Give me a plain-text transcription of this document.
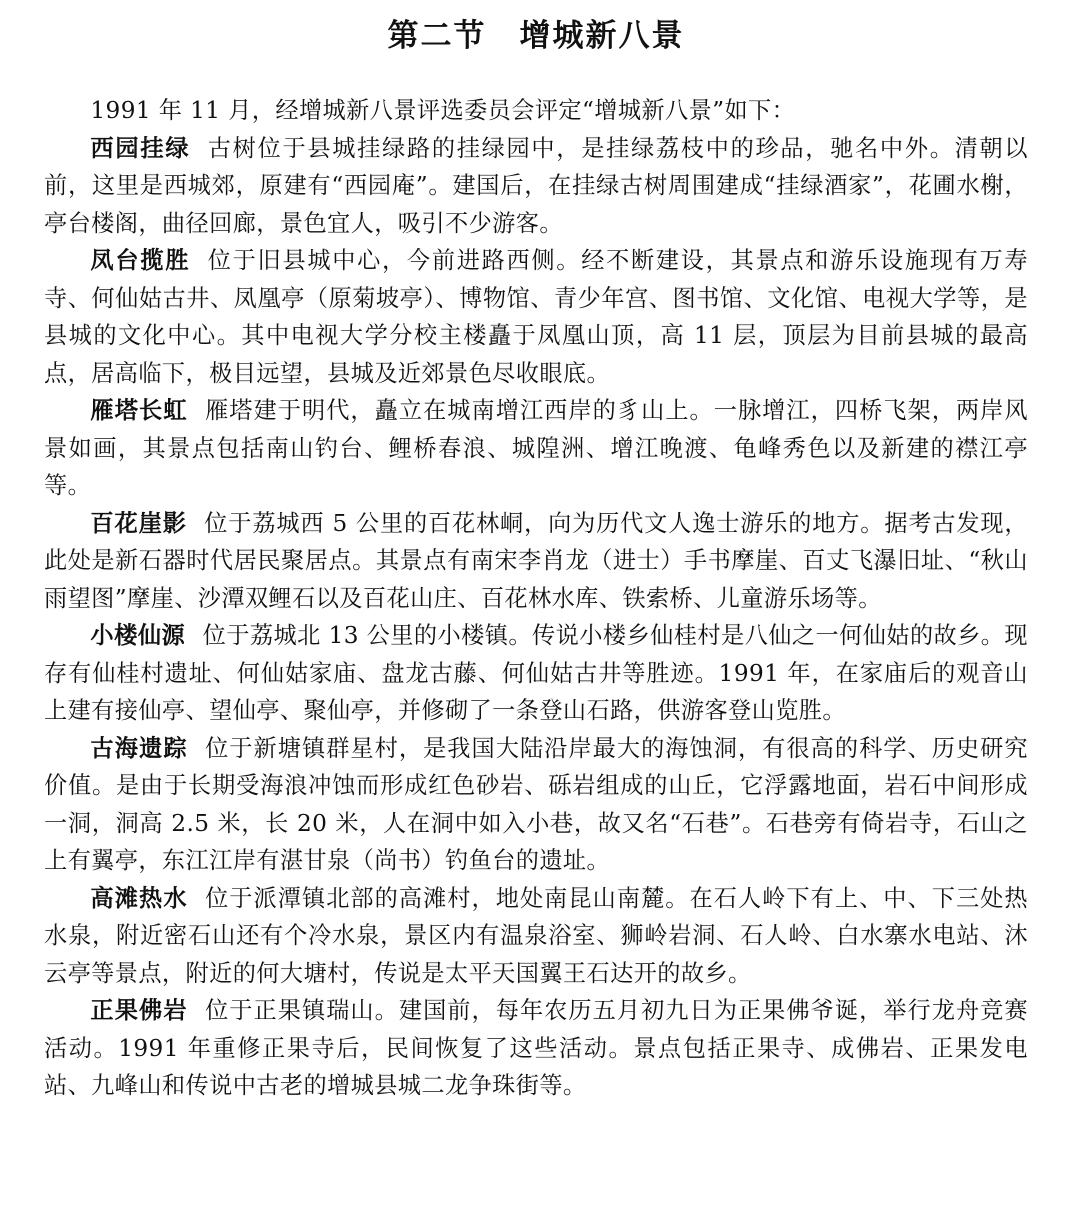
第二节　增城新八景

1991 年 11 月，经增城新八景评选委员会评定“增城新八景”如下：

西园挂绿 古树位于县城挂绿路的挂绿园中，是挂绿荔枝中的珍品，驰名中外。清朝以前，这里是西城郊，原建有“西园庵”。建国后，在挂绿古树周围建成“挂绿酒家”，花圃水榭，亭台楼阁，曲径回廊，景色宜人，吸引不少游客。

凤台揽胜 位于旧县城中心，今前进路西侧。经不断建设，其景点和游乐设施现有万寿寺、何仙姑古井、凤凰亭（原菊坡亭）、博物馆、青少年宫、图书馆、文化馆、电视大学等，是县城的文化中心。其中电视大学分校主楼矗于凤凰山顶，高 11 层，顶层为目前县城的最高点，居高临下，极目远望，县城及近郊景色尽收眼底。

雁塔长虹 雁塔建于明代，矗立在城南增江西岸的豸山上。一脉增江，四桥飞架，两岸风景如画，其景点包括南山钓台、鲤桥春浪、城隍洲、增江晚渡、龟峰秀色以及新建的襟江亭等。

百花崖影 位于荔城西 5 公里的百花林峒，向为历代文人逸士游乐的地方。据考古发现，此处是新石器时代居民聚居点。其景点有南宋李肖龙（进士）手书摩崖、百丈飞瀑旧址、“秋山雨望图”摩崖、沙潭双鲤石以及百花山庄、百花林水库、铁索桥、儿童游乐场等。

小楼仙源 位于荔城北 13 公里的小楼镇。传说小楼乡仙桂村是八仙之一何仙姑的故乡。现存有仙桂村遗址、何仙姑家庙、盘龙古藤、何仙姑古井等胜迹。1991 年，在家庙后的观音山上建有接仙亭、望仙亭、聚仙亭，并修砌了一条登山石路，供游客登山览胜。

古海遗踪 位于新塘镇群星村，是我国大陆沿岸最大的海蚀洞，有很高的科学、历史研究价值。是由于长期受海浪冲蚀而形成红色砂岩、砾岩组成的山丘，它浮露地面，岩石中间形成一洞，洞高 2.5 米，长 20 米，人在洞中如入小巷，故又名“石巷”。石巷旁有倚岩寺，石山之上有翼亭，东江江岸有湛甘泉（尚书）钓鱼台的遗址。

高滩热水 位于派潭镇北部的高滩村，地处南昆山南麓。在石人岭下有上、中、下三处热水泉，附近密石山还有个冷水泉，景区内有温泉浴室、狮岭岩洞、石人岭、白水寨水电站、沐云亭等景点，附近的何大塘村，传说是太平天国翼王石达开的故乡。

正果佛岩 位于正果镇瑞山。建国前，每年农历五月初九日为正果佛爷诞，举行龙舟竞赛活动。1991 年重修正果寺后，民间恢复了这些活动。景点包括正果寺、成佛岩、正果发电站、九峰山和传说中古老的增城县城二龙争珠街等。
